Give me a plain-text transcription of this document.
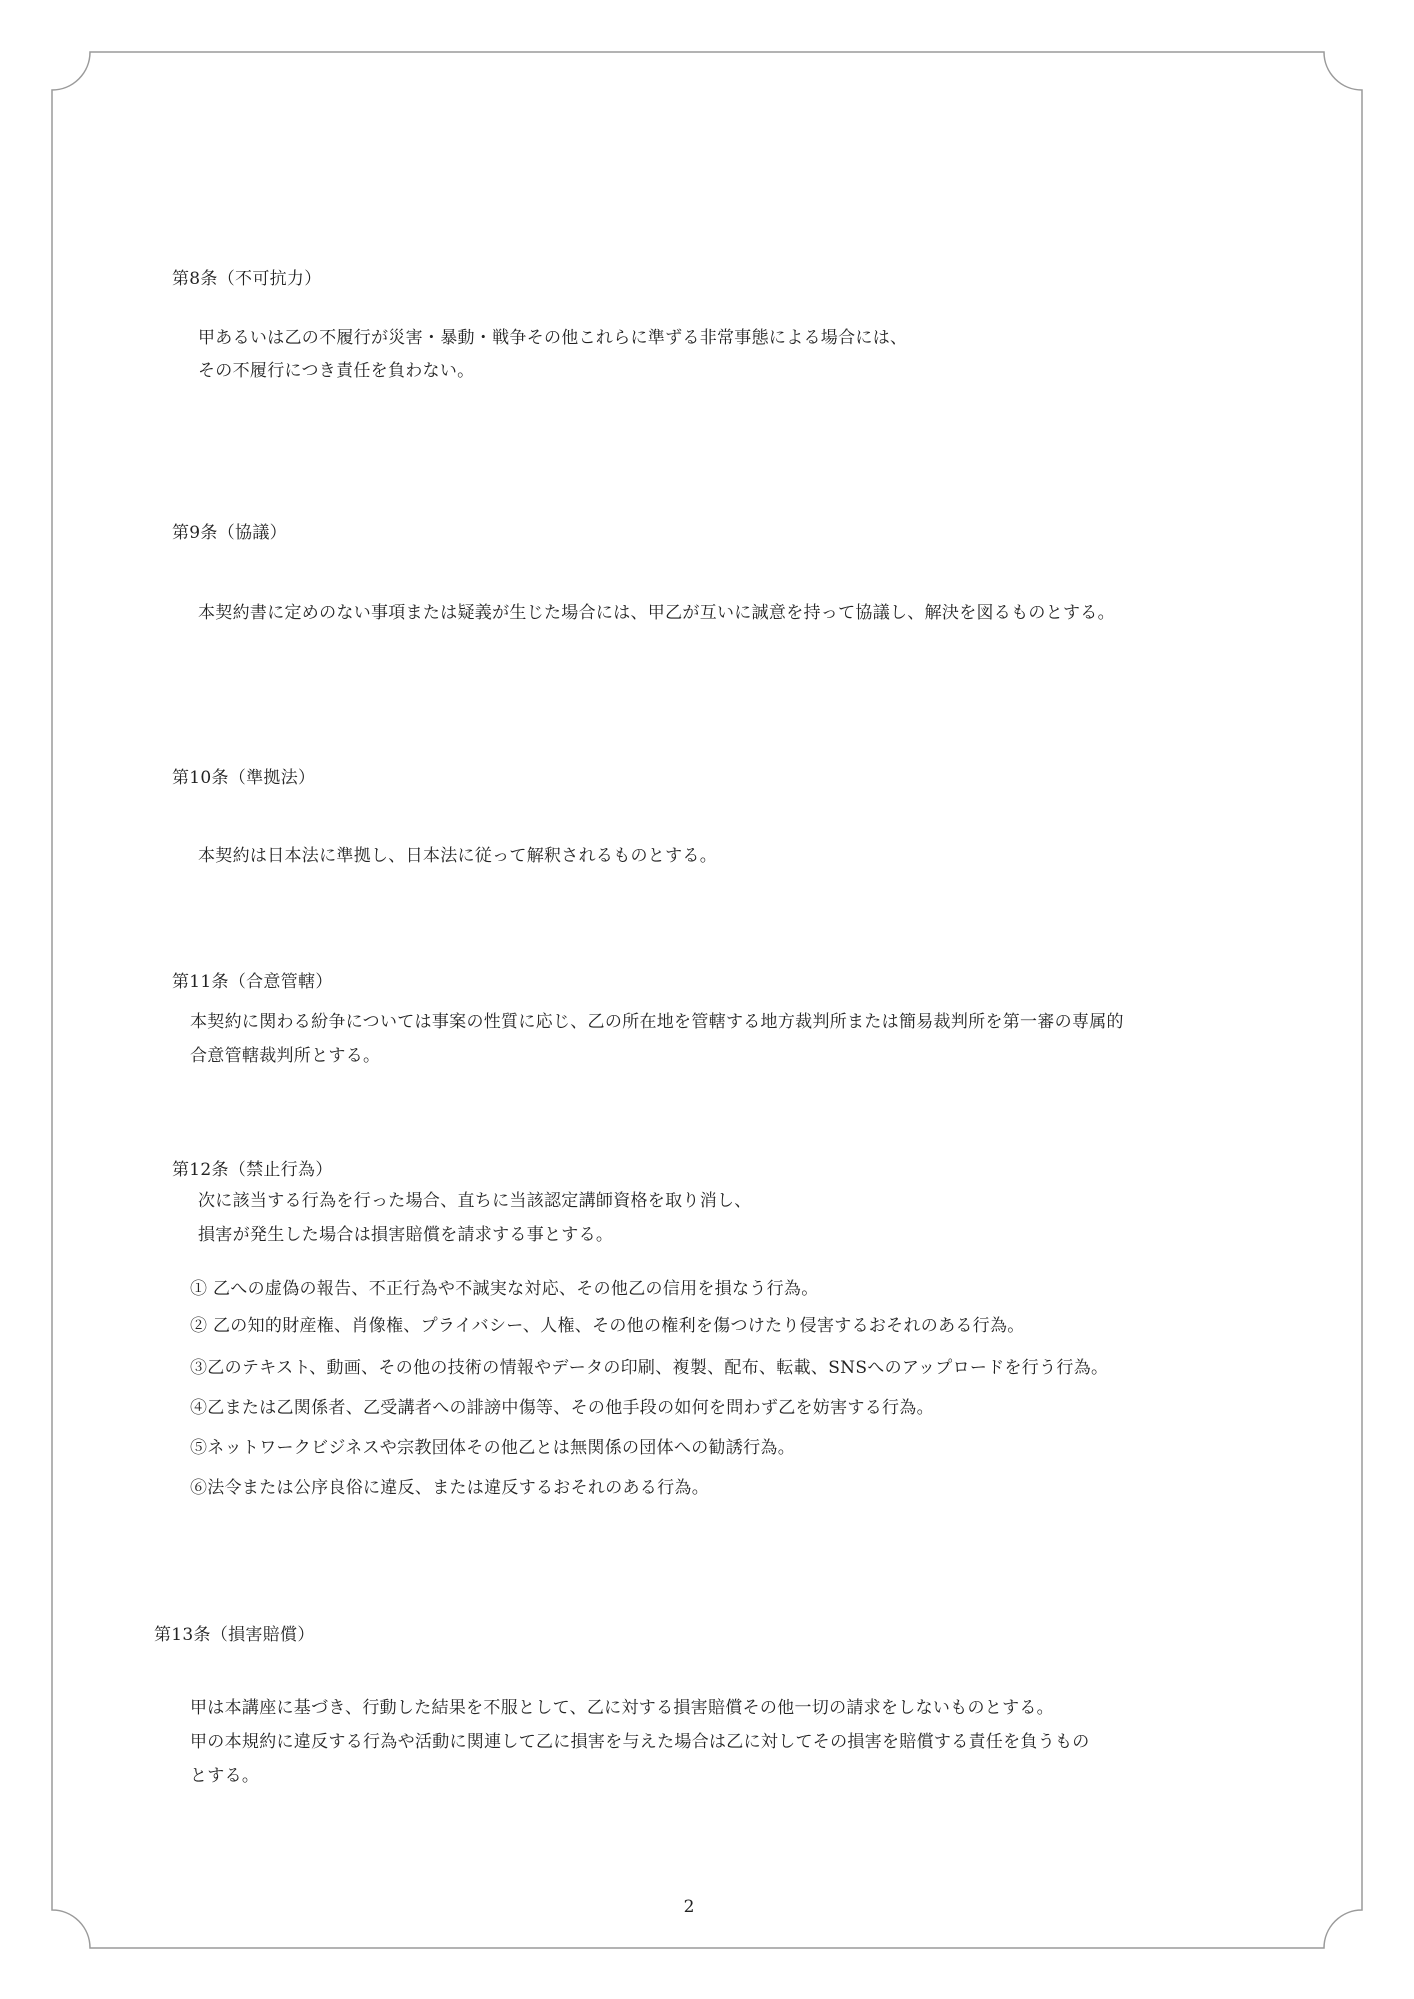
第8条（不可抗力）
甲あるいは乙の不履行が災害・暴動・戦争その他これらに準ずる非常事態による場合には、
その不履行につき責任を負わない。
第9条（協議）
本契約書に定めのない事項または疑義が生じた場合には、甲乙が互いに誠意を持って協議し、解決を図るものとする。
第10条（準拠法）
本契約は日本法に準拠し、日本法に従って解釈されるものとする。
第11条（合意管轄）
本契約に関わる紛争については事案の性質に応じ、乙の所在地を管轄する地方裁判所または簡易裁判所を第一審の専属的
合意管轄裁判所とする。
第12条（禁止行為）
次に該当する行為を行った場合、直ちに当該認定講師資格を取り消し、
損害が発生した場合は損害賠償を請求する事とする。
① 乙への虚偽の報告、不正行為や不誠実な対応、その他乙の信用を損なう行為。
② 乙の知的財産権、肖像権、プライバシー、人権、その他の権利を傷つけたり侵害するおそれのある行為。
③乙のテキスト、動画、その他の技術の情報やデータの印刷、複製、配布、転載、SNSへのアップロードを行う行為。
④乙または乙関係者、乙受講者への誹謗中傷等、その他手段の如何を問わず乙を妨害する行為。
⑤ネットワークビジネスや宗教団体その他乙とは無関係の団体への勧誘行為。
⑥法令または公序良俗に違反、または違反するおそれのある行為。
第13条（損害賠償）
甲は本講座に基づき、行動した結果を不服として、乙に対する損害賠償その他一切の請求をしないものとする。
甲の本規約に違反する行為や活動に関連して乙に損害を与えた場合は乙に対してその損害を賠償する責任を負うもの
とする。
2
